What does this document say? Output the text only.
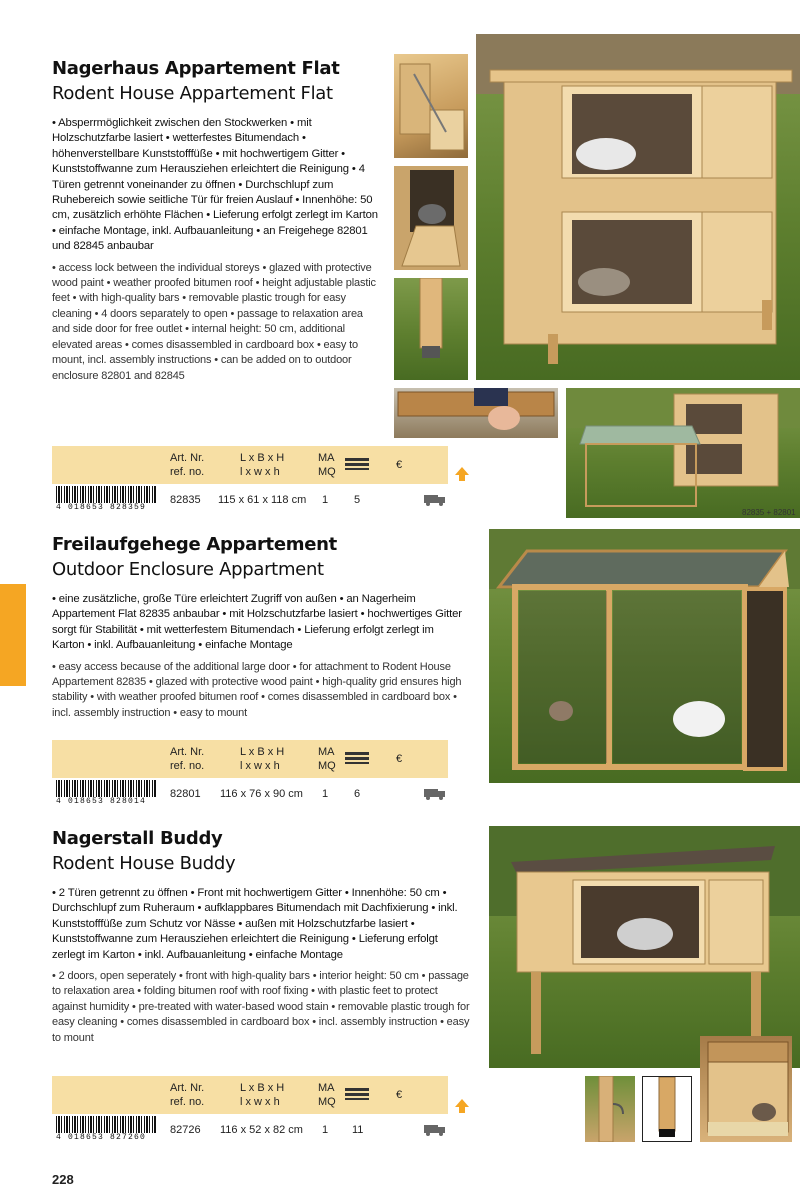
Nagerhaus Appartement Flat
Rodent House Appartement Flat
• Absperrmöglichkeit zwischen den Stockwerken • mit Holzschutzfarbe lasiert • wetterfestes Bitumendach • höhenverstellbare Kunststofffüße • mit hochwertigem Gitter • Kunststoffwanne zum Herausziehen erleichtert die Reinigung • 4 Türen getrennt voneinander zu öffnen • Durchschlupf zum Ruhebereich sowie seitliche Tür für freien Auslauf • Innenhöhe: 50 cm, zusätzlich erhöhte Flächen • Lieferung erfolgt zerlegt im Karton • einfache Montage, inkl. Aufbauanleitung • an Freigehege 82801 und 82845 anbaubar
• access lock between the individual storeys • glazed with protective wood paint • weather proofed bitumen roof • height adjustable plastic feet • with high-quality bars • removable plastic trough for easy cleaning • 4 doors separately to open • passage to relaxation area and side door for free outlet • internal height: 50 cm, additional elevated areas • comes disassembled in cardboard box • easy to mount, incl. assembly instructions • can be added on to outdoor enclosure 82801 and 82845
82835 + 82801
Art. Nr.
ref. no.
L x B x H
l x w x h
MA
MQ
€
4 018653 828359
82835 115 x 61 x 118 cm 1 5
Freilaufgehege Appartement
Outdoor Enclosure Appartment
• eine zusätzliche, große Türe erleichtert Zugriff von außen • an Nagerheim Appartement Flat 82835 anbaubar • mit Holzschutzfarbe lasiert • hochwertiges Gitter sorgt für Stabilität • mit wetterfestem Bitumendach • Lieferung erfolgt zerlegt im Karton • inkl. Aufbauanleitung • einfache Montage
• easy access because of the additional large door • for attachment to Rodent House Appartement 82835 • glazed with protective wood paint • high-quality grid ensures high stability • with weather proofed bitumen roof • comes disassembled in cardboard box • incl. assembly instruction • easy to mount
Art. Nr.
ref. no.
L x B x H
l x w x h
MA
MQ
€
4 018653 828014
82801 116 x 76 x 90 cm 1 6
Nagerstall Buddy
Rodent House Buddy
• 2 Türen getrennt zu öffnen • Front mit hochwertigem Gitter • Innenhöhe: 50 cm • Durchschlupf zum Ruheraum • aufklappbares Bitumendach mit Dachfixierung • inkl. Kunststofffüße zum Schutz vor Nässe • außen mit Holzschutzfarbe lasiert • Kunststoffwanne zum Herausziehen erleichtert die Reinigung • Lieferung erfolgt zerlegt im Karton • inkl. Aufbauanleitung • einfache Montage
• 2 doors, open seperately • front with high-quality bars • interior height: 50 cm • passage to relaxation area • folding bitumen roof with roof fixing • with plastic feet to protect against humidity • pre-treated with water-based wood stain • removable plastic trough for easy cleaning • comes disassembled in cardboard box • incl. assembly instruction • easy to mount
Art. Nr.
ref. no.
L x B x H
l x w x h
MA
MQ
€
4 018653 827260
82726 116 x 52 x 82 cm 1 11
228
